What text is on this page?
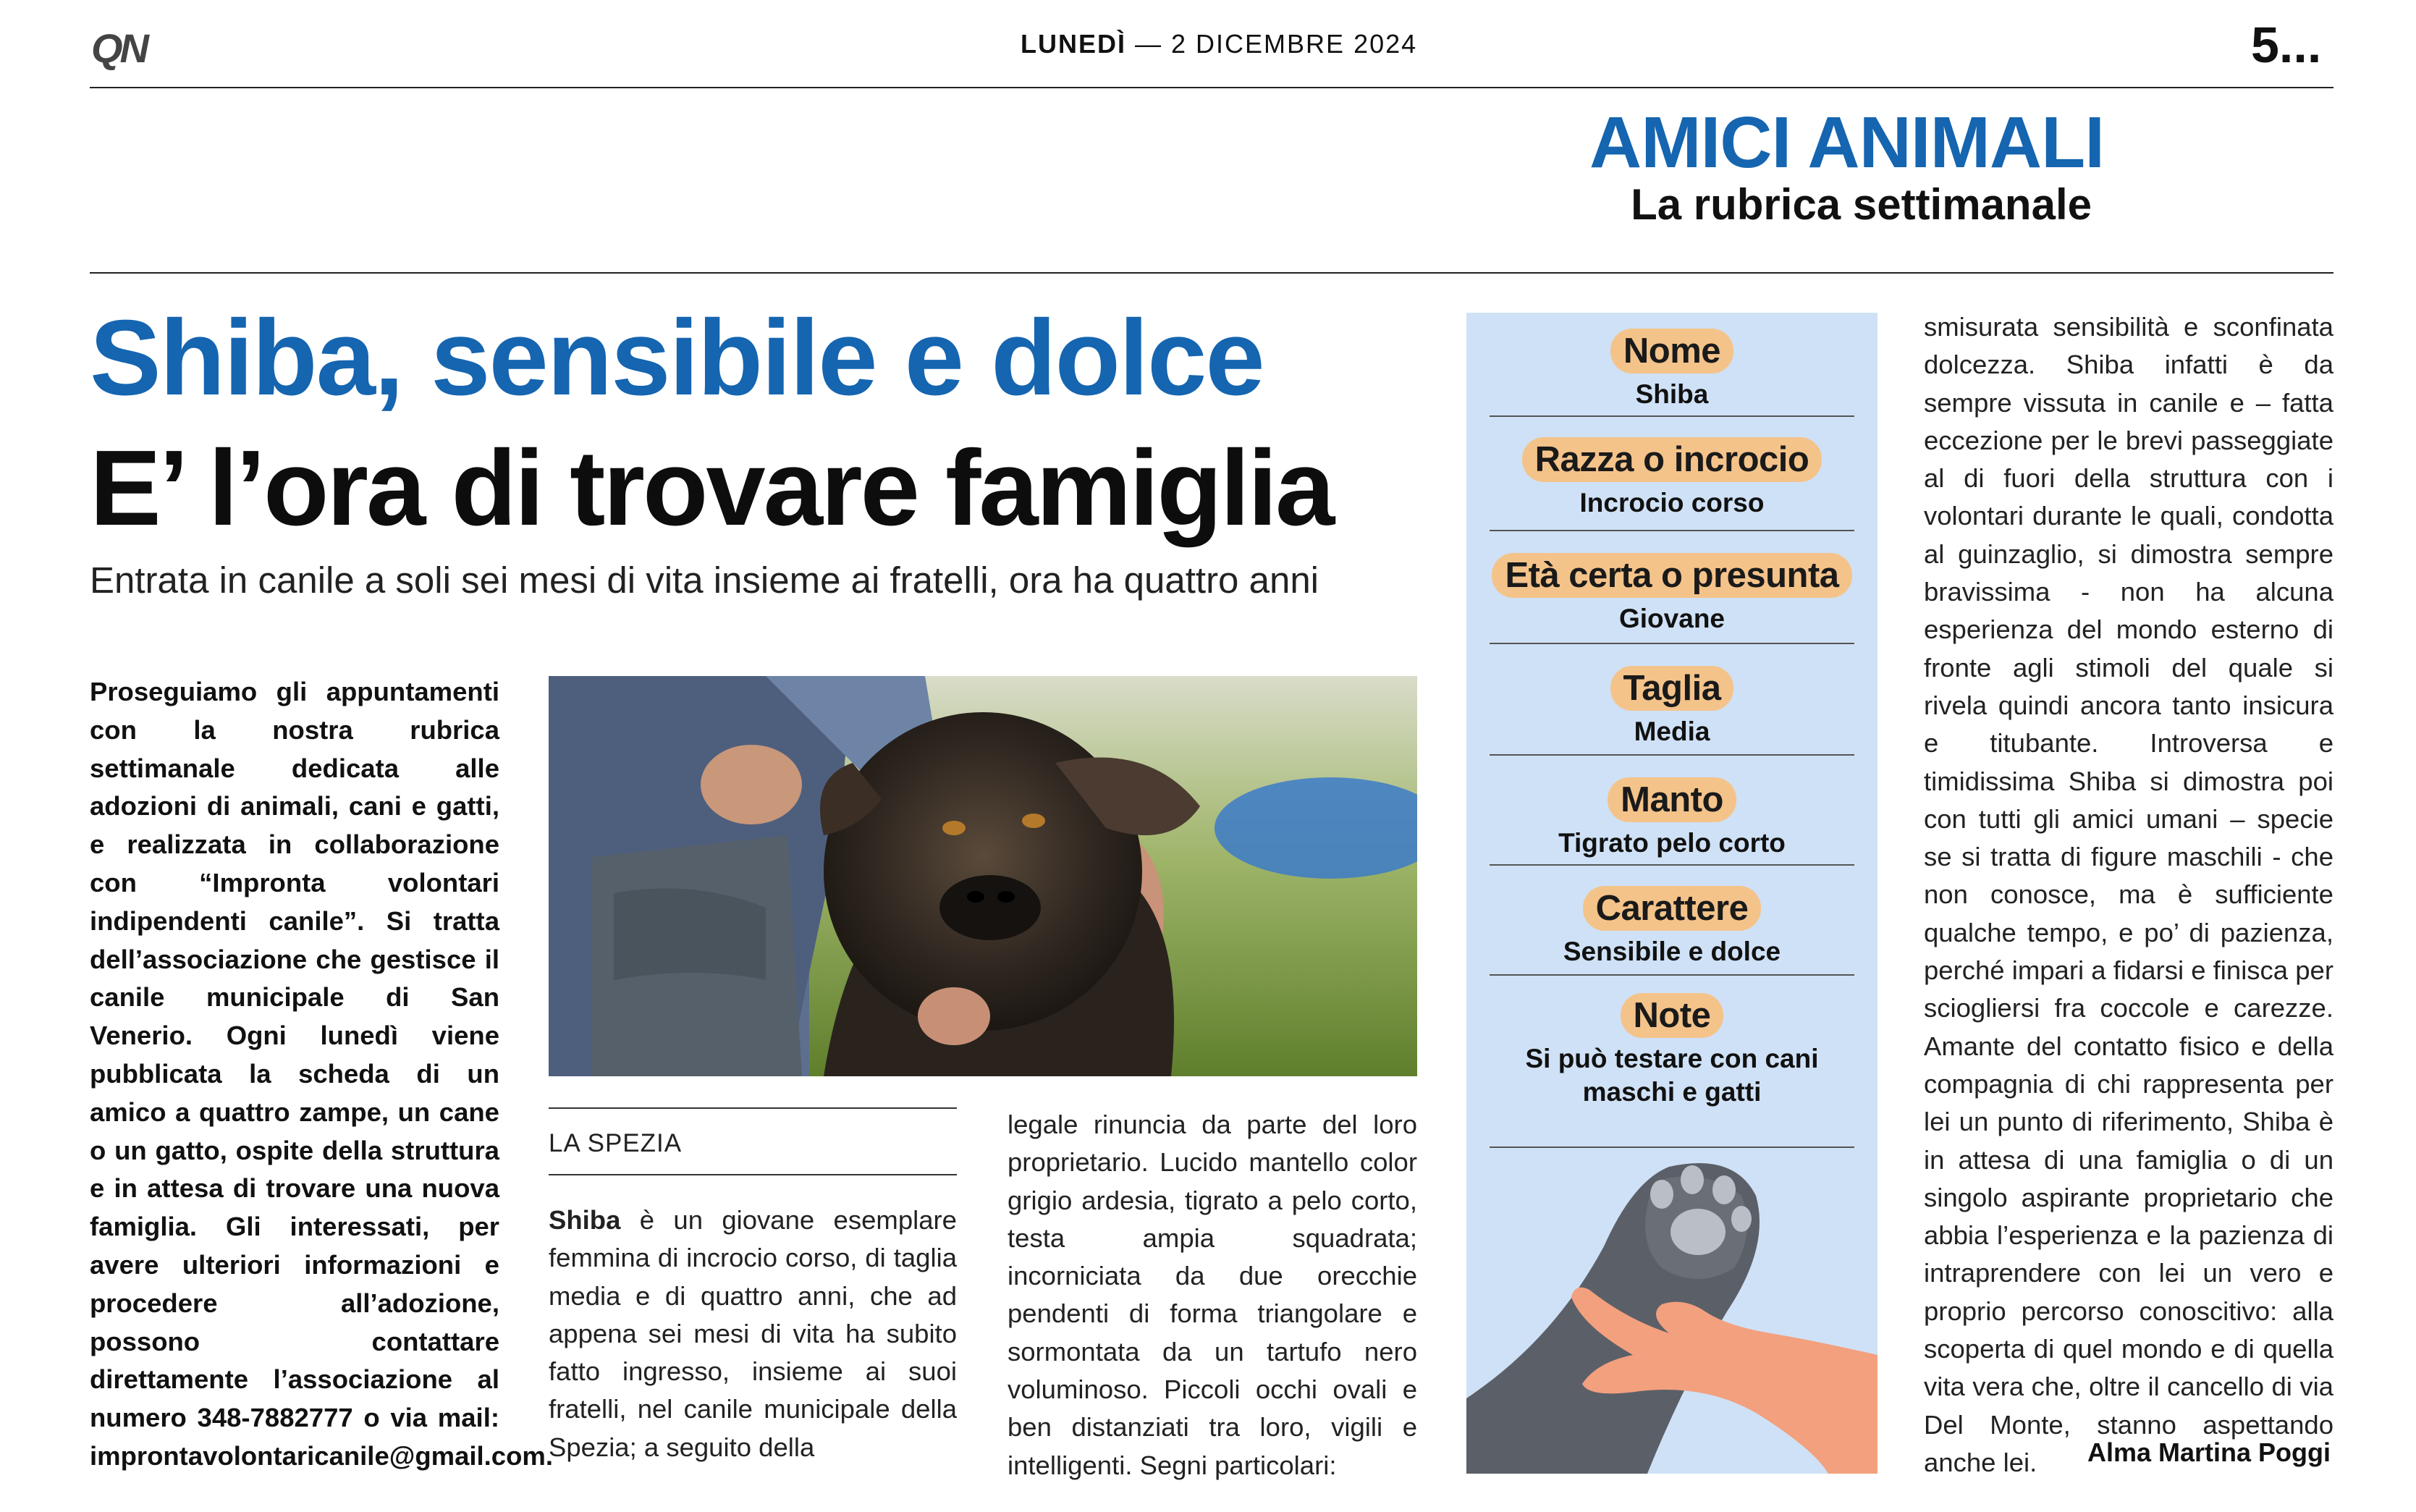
QN	LUNEDÌ — 2 DICEMBRE 2024	5...
AMICI ANIMALI
La rubrica settimanale
Shiba, sensibile e dolce
E’ l’ora di trovare famiglia
Entrata in canile a soli sei mesi di vita insieme ai fratelli, ora ha quattro anni

Proseguiamo gli appuntamenti con la nostra rubrica settimanale dedicata alle adozioni di animali, cani e gatti, e realizzata in collaborazione con “Impronta volontari indipendenti canile”. Si tratta dell’associazione che gestisce il canile municipale di San Venerio. Ogni lunedì viene pubblicata la scheda di un amico a quattro zampe, un cane o un gatto, ospite della struttura e in attesa di trovare una nuova famiglia. Gli interessati, per avere ulteriori informazioni e procedere all’adozione, possono contattare direttamente l’associazione al numero 348-7882777 o via mail: improntavolontaricanile@gmail.com.

LA SPEZIA

Shiba è un giovane esemplare femmina di incrocio corso, di taglia media e di quattro anni, che ad appena sei mesi di vita ha subito fatto ingresso, insieme ai suoi fratelli, nel canile municipale della Spezia; a seguito della

legale rinuncia da parte del loro proprietario. Lucido mantello color grigio ardesia, tigrato a pelo corto, testa ampia squadrata; incorniciata da due orecchie pendenti di forma triangolare e sormontata da un tartufo nero voluminoso. Piccoli occhi ovali e ben distanziati tra loro, vigili e intelligenti. Segni particolari:

smisurata sensibilità e sconfinata dolcezza. Shiba infatti è da sempre vissuta in canile e – fatta eccezione per le brevi passeggiate al di fuori della struttura con i volontari durante le quali, condotta al guinzaglio, si dimostra sempre bravissima - non ha alcuna esperienza del mondo esterno di fronte agli stimoli del quale si rivela quindi ancora tanto insicura e titubante. Introversa e timidissima Shiba si dimostra poi con tutti gli amici umani – specie se si tratta di figure maschili - che non conosce, ma è sufficiente qualche tempo, e po’ di pazienza, perché impari a fidarsi e finisca per sciogliersi fra coccole e carezze. Amante del contatto fisico e della compagnia di chi rappresenta per lei un punto di riferimento, Shiba è in attesa di una famiglia o di un singolo aspirante proprietario che abbia l’esperienza e la pazienza di intraprendere con lei un vero e proprio percorso conoscitivo: alla scoperta di quel mondo e di quella vita vera che, oltre il cancello di via Del Monte, stanno aspettando anche lei.	Alma Martina Poggi
Nome
Shiba
Razza o incrocio
Incrocio corso
Età certa o presunta
Giovane
Taglia
Media
Manto
Tigrato pelo corto
Carattere
Sensibile e dolce
Note
Si può testare con cani maschi e gatti
